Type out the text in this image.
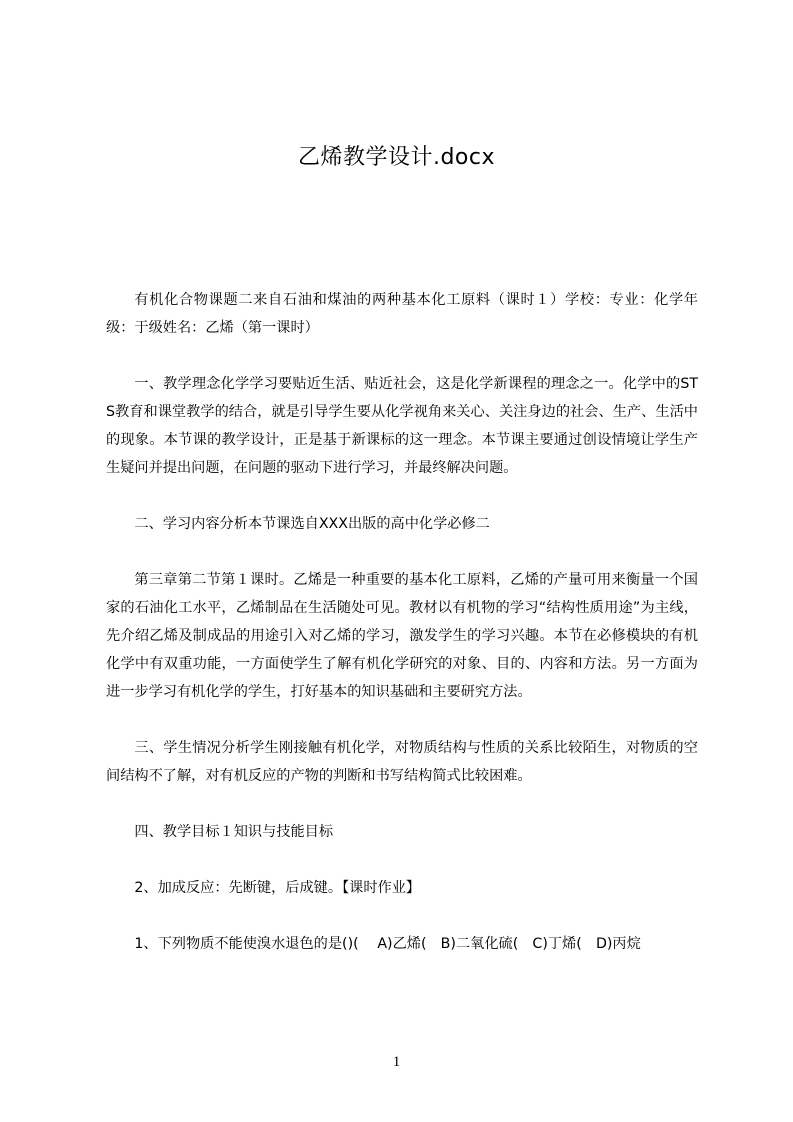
乙烯教学设计.docx

有机化合物课题二来自石油和煤油的两种基本化工原料（课时１）学校：专业：化学年级：于级姓名：乙烯（第一课时）

一、教学理念化学学习要贴近生活、贴近社会，这是化学新课程的理念之一。化学中的STS教育和课堂教学的结合，就是引导学生要从化学视角来关心、关注身边的社会、生产、生活中的现象。本节课的教学设计，正是基于新课标的这一理念。本节课主要通过创设情境让学生产生疑问并提出问题，在问题的驱动下进行学习，并最终解决问题。

二、学习内容分析本节课选自XXX出版的高中化学必修二

第三章第二节第１课时。乙烯是一种重要的基本化工原料，乙烯的产量可用来衡量一个国家的石油化工水平，乙烯制品在生活随处可见。教材以有机物的学习“结构性质用途”为主线，先介绍乙烯及制成品的用途引入对乙烯的学习，激发学生的学习兴趣。本节在必修模块的有机化学中有双重功能，一方面使学生了解有机化学研究的对象、目的、内容和方法。另一方面为进一步学习有机化学的学生，打好基本的知识基础和主要研究方法。

三、学生情况分析学生刚接触有机化学，对物质结构与性质的关系比较陌生，对物质的空间结构不了解，对有机反应的产物的判断和书写结构简式比较困难。

四、教学目标１知识与技能目标

2、加成反应：先断键，后成键。【课时作业】

1、下列物质不能使溴水退色的是()(　 A)乙烯(　B)二氧化硫(　C)丁烯(　D)丙烷

1
